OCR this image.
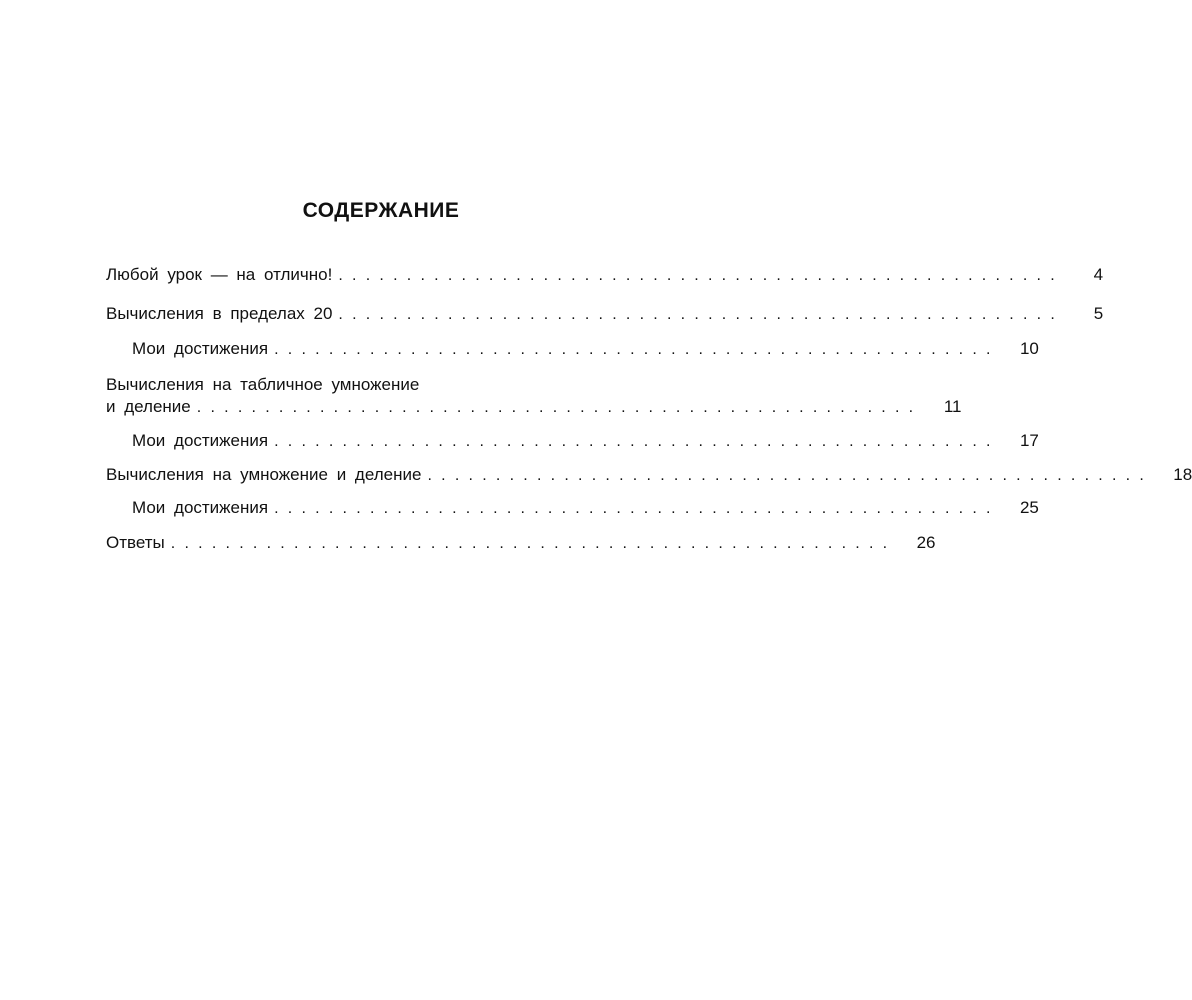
СОДЕРЖАНИЕ
Любой урок — на отлично! . . . . . . . . . . . . . . . . . . . . . . . . . . . . . . . . . . . . . . . . . . . . . . . . . . . . .	4
Вычисления в пределах 20 . . . . . . . . . . . . . . . . . . . . . . . . . . . . . . . . . . . . . . . . . . . . . . . . . . . . .	5
Мои достижения . . . . . . . . . . . . . . . . . . . . . . . . . . . . . . . . . . . . . . . . . . . . . . . . . . . . .	10
Вычисления на табличное умножение
и деление . . . . . . . . . . . . . . . . . . . . . . . . . . . . . . . . . . . . . . . . . . . . . . . . . . . . .	11
Мои достижения . . . . . . . . . . . . . . . . . . . . . . . . . . . . . . . . . . . . . . . . . . . . . . . . . . . . .	17
Вычисления на умножение и деление . . . . . . . . . . . . . . . . . . . . . . . . . . . . . . . . . . . . . . . . . . . . . . . . . . . . .	18
Мои достижения . . . . . . . . . . . . . . . . . . . . . . . . . . . . . . . . . . . . . . . . . . . . . . . . . . . . .	25
Ответы . . . . . . . . . . . . . . . . . . . . . . . . . . . . . . . . . . . . . . . . . . . . . . . . . . . . .	26
